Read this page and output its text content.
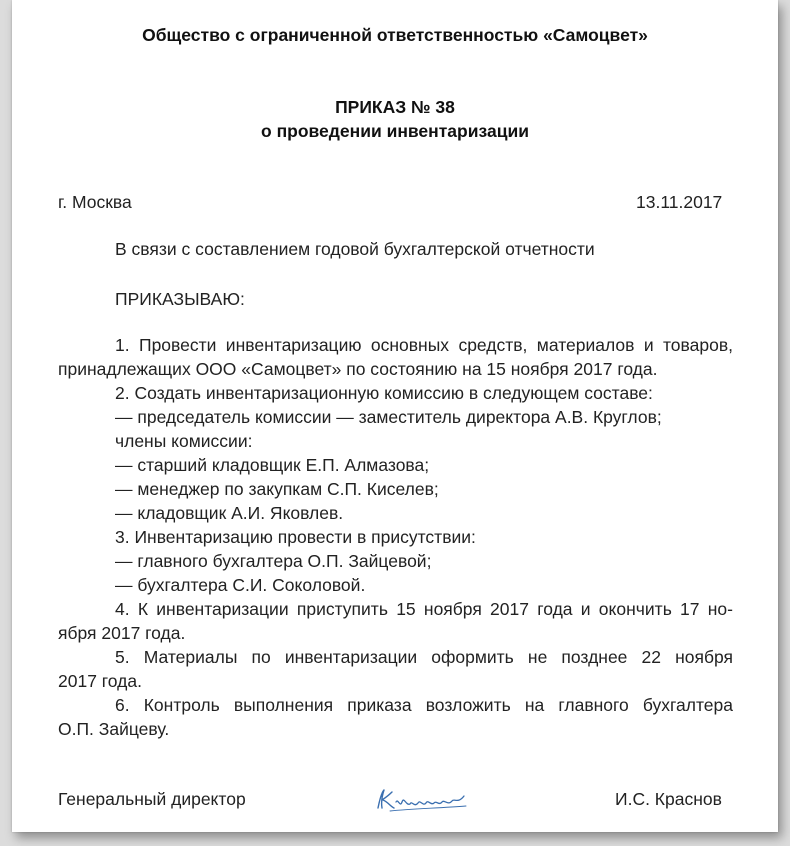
Общество с ограниченной ответственностью «Самоцвет»
ПРИКАЗ № 38
о проведении инвентаризации
г. Москва	13.11.2017
В связи с составлением годовой бухгалтерской отчетности
ПРИКАЗЫВАЮ:
1. Провести инвентаризацию основных средств, материалов и товаров,
принадлежащих ООО «Самоцвет» по состоянию на 15 ноября 2017 года.
2. Создать инвентаризационную комиссию в следующем составе:
— председатель комиссии — заместитель директора А.В. Круглов;
члены комиссии:
— старший кладовщик Е.П. Алмазова;
— менеджер по закупкам С.П. Киселев;
— кладовщик А.И. Яковлев.
3. Инвентаризацию провести в присутствии:
— главного бухгалтера О.П. Зайцевой;
— бухгалтера С.И. Соколовой.
4. К инвентаризации приступить 15 ноября 2017 года и окончить 17 но-
ября 2017 года.
5. Материалы по инвентаризации оформить не позднее 22 ноября
2017 года.
6. Контроль выполнения приказа возложить на главного бухгалтера
О.П. Зайцеву.
Генеральный директор	И.С. Краснов
